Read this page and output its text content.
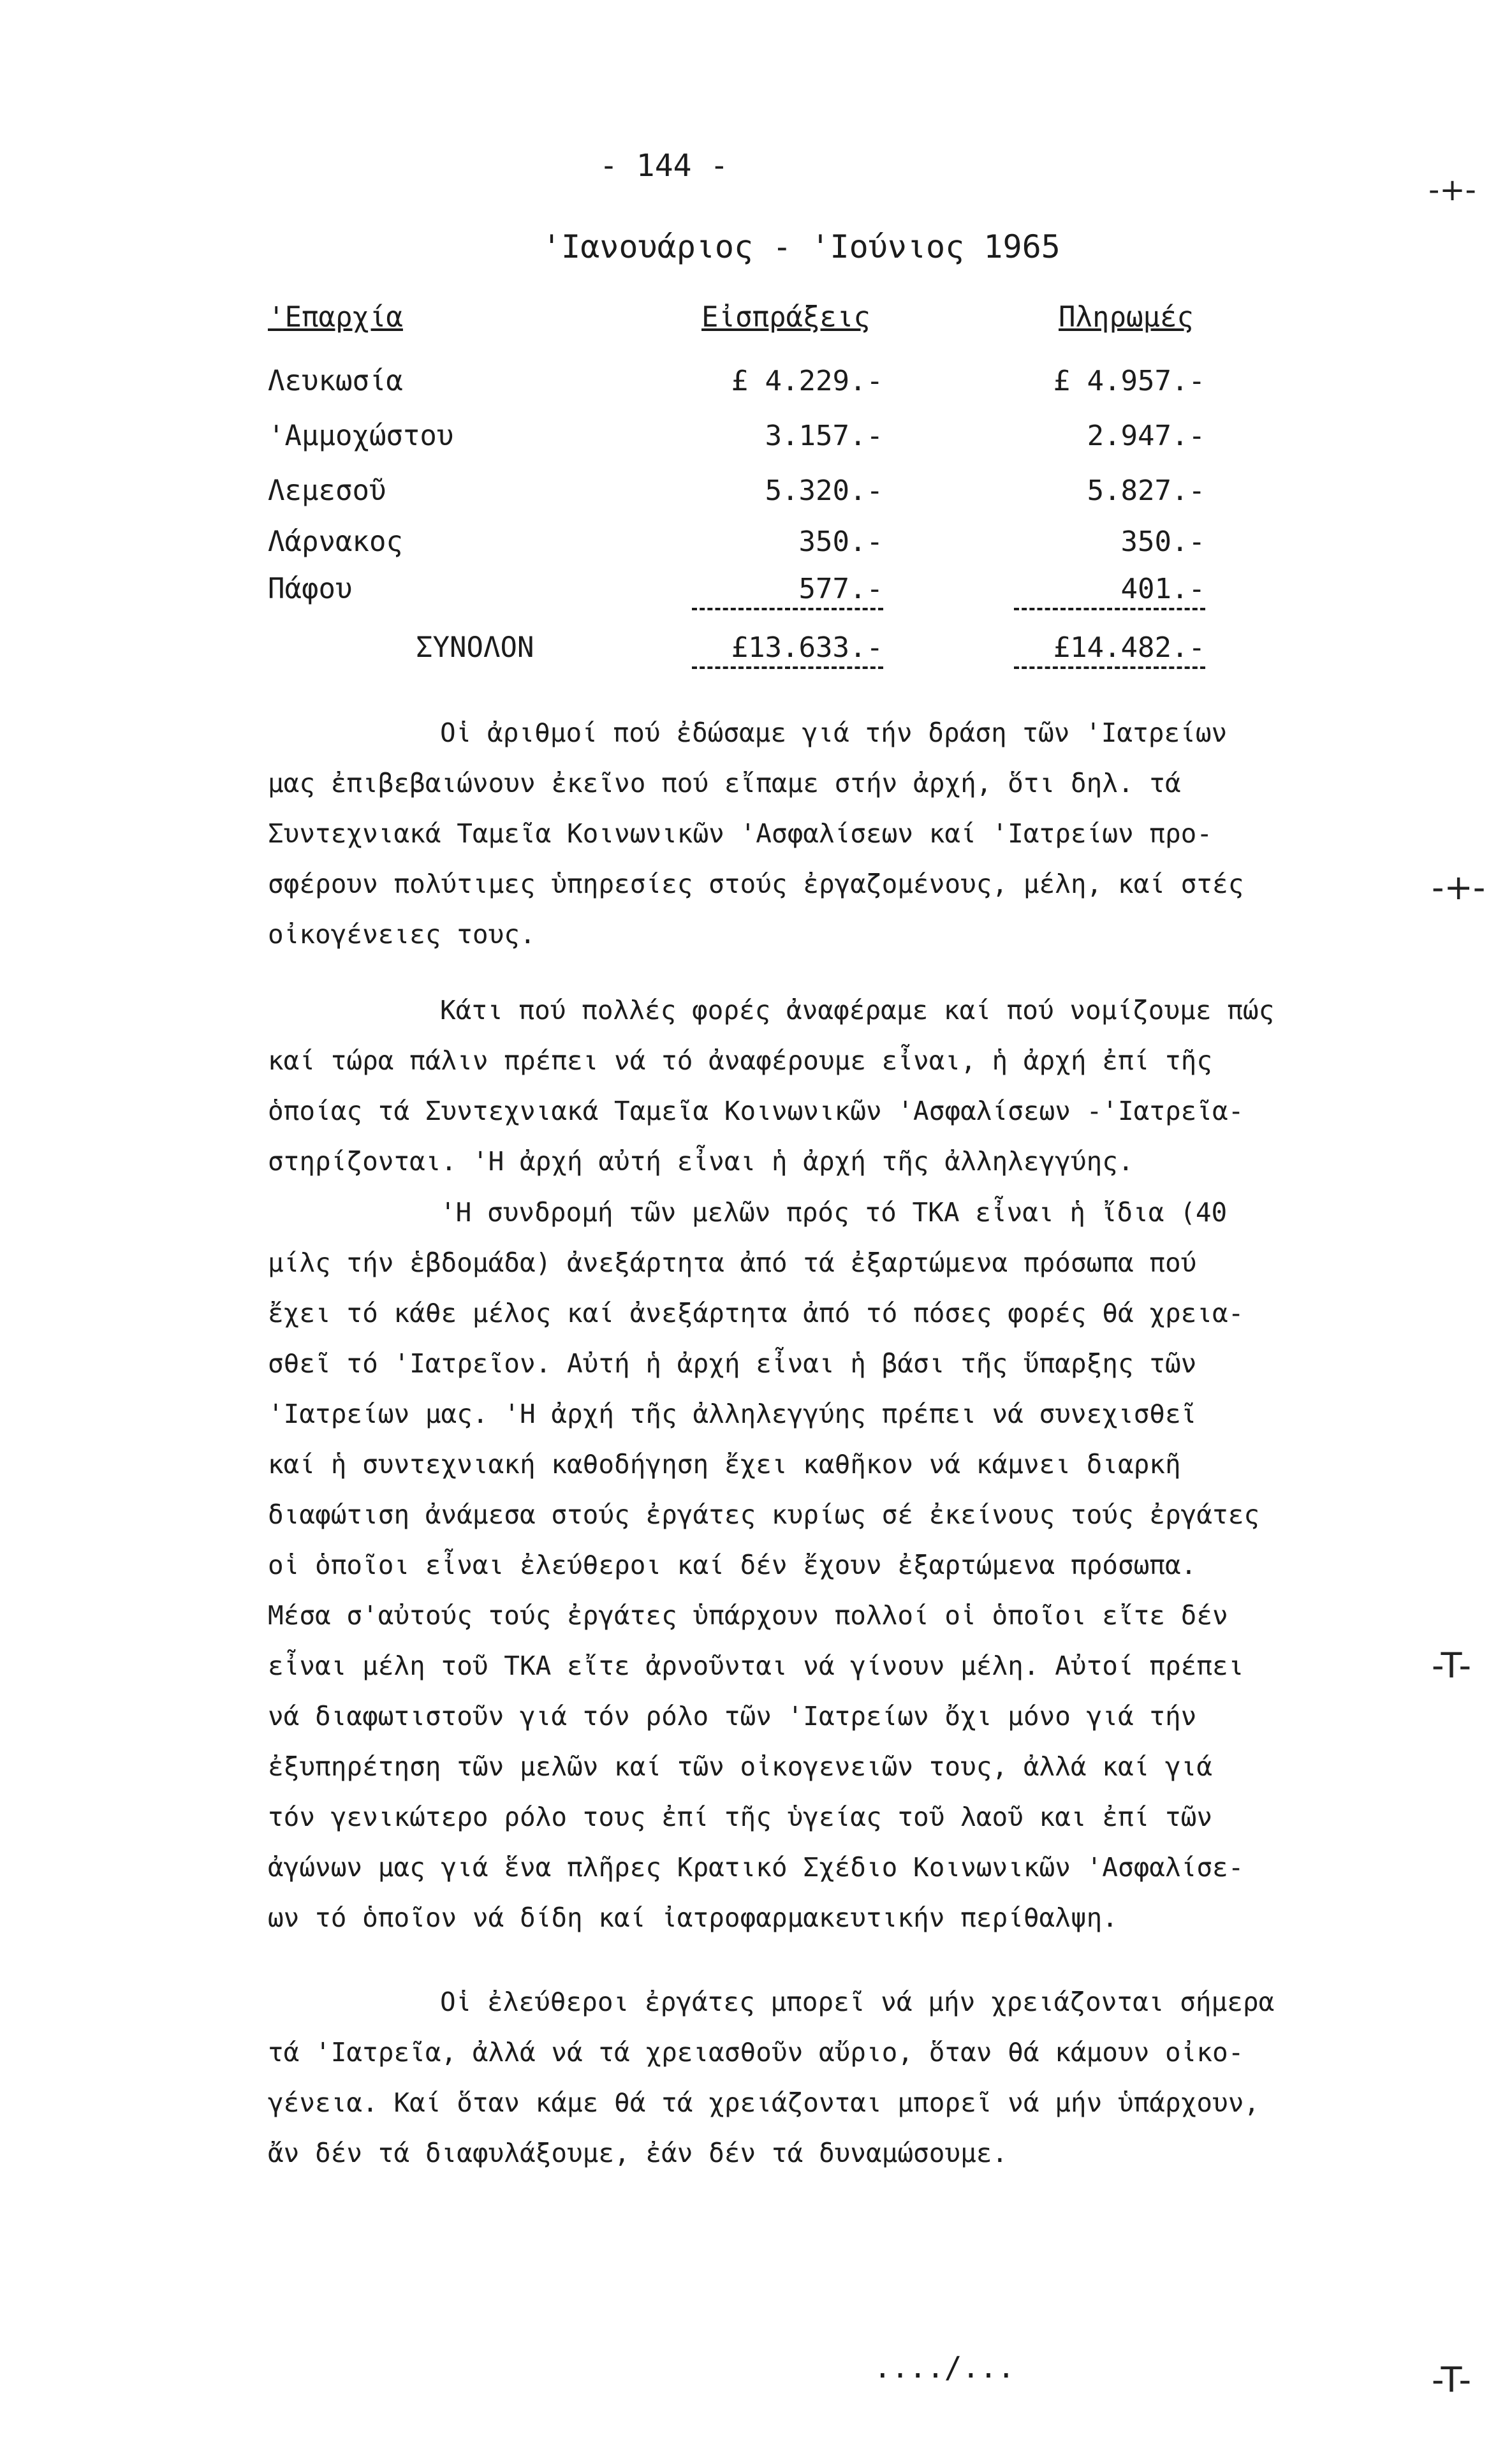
- 144 -
'Ιανουάριος - 'Ιούνιος 1965
'Επαρχία	Εἰσπράξεις	Πληρωμές
Λευκωσία	£ 4.229.-	£ 4.957.-
'Αμμοχώστου	3.157.-	2.947.-
Λεμεσοῦ	5.320.-	5.827.-
Λάρνακος	350.-	350.-
Πάφου	577.-	401.-
ΣΥΝΟΛΟΝ	£13.633.-	£14.482.-
Οἱ ἀριθμοί πού ἐδώσαμε γιά τήν δράση τῶν 'Ιατρείων
μας ἐπιβεβαιώνουν ἐκεῖνο πού εἴπαμε στήν ἀρχή, ὅτι δηλ. τά
Συντεχνιακά Ταμεῖα Κοινωνικῶν 'Ασφαλίσεων καί 'Ιατρείων προ-
σφέρουν πολύτιμες ὑπηρεσίες στούς ἐργαζομένους, μέλη, καί στές
οἰκογένειες τους.
Κάτι πού πολλές φορές ἀναφέραμε καί πού νομίζουμε πώς
καί τώρα πάλιν πρέπει νά τό ἀναφέρουμε εἶναι, ἡ ἀρχή ἐπί τῆς
ὁποίας τά Συντεχνιακά Ταμεῖα Κοινωνικῶν 'Ασφαλίσεων -'Ιατρεῖα-
στηρίζονται. 'Η ἀρχή αὐτή εἶναι ἡ ἀρχή τῆς ἀλληλεγγύης.
'Η συνδρομή τῶν μελῶν πρός τό ΤΚΑ εἶναι ἡ ἴδια (40
μίλς τήν ἑβδομάδα) ἀνεξάρτητα ἀπό τά ἐξαρτώμενα πρόσωπα πού
ἔχει τό κάθε μέλος καί ἀνεξάρτητα ἀπό τό πόσες φορές θά χρεια-
σθεῖ τό 'Ιατρεῖον. Αὐτή ἡ ἀρχή εἶναι ἡ βάσι τῆς ὕπαρξης τῶν
'Ιατρείων μας. 'Η ἀρχή τῆς ἀλληλεγγύης πρέπει νά συνεχισθεῖ
καί ἡ συντεχνιακή καθοδήγηση ἔχει καθῆκον νά κάμνει διαρκῆ
διαφώτιση ἀνάμεσα στούς ἐργάτες κυρίως σέ ἐκείνους τούς ἐργάτες
οἱ ὁποῖοι εἶναι ἐλεύθεροι καί δέν ἔχουν ἐξαρτώμενα πρόσωπα.
Μέσα σ'αὐτούς τούς ἐργάτες ὑπάρχουν πολλοί οἱ ὁποῖοι εἴτε δέν
εἶναι μέλη τοῦ ΤΚΑ εἴτε ἀρνοῦνται νά γίνουν μέλη. Αὐτοί πρέπει
νά διαφωτιστοῦν γιά τόν ρόλο τῶν 'Ιατρείων ὄχι μόνο γιά τήν
ἐξυπηρέτηση τῶν μελῶν καί τῶν οἰκογενειῶν τους, ἀλλά καί γιά
τόν γενικώτερο ρόλο τους ἐπί τῆς ὑγείας τοῦ λαοῦ και ἐπί τῶν
ἀγώνων μας γιά ἕνα πλῆρες Κρατικό Σχέδιο Κοινωνικῶν 'Ασφαλίσε-
ων τό ὁποῖον νά δίδη καί ἰατροφαρμακευτικήν περίθαλψη.
Οἱ ἐλεύθεροι ἐργάτες μπορεῖ νά μήν χρειάζονται σήμερα
τά 'Ιατρεῖα, ἀλλά νά τά χρειασθοῦν αὔριο, ὅταν θά κάμουν οἰκο-
γένεια. Καί ὅταν κάμε θά τά χρειάζονται μπορεῖ νά μήν ὑπάρχουν,
ἄν δέν τά διαφυλάξουμε, ἐάν δέν τά δυναμώσουμε.
..../...
-+-
-+-
-T-
-T-
